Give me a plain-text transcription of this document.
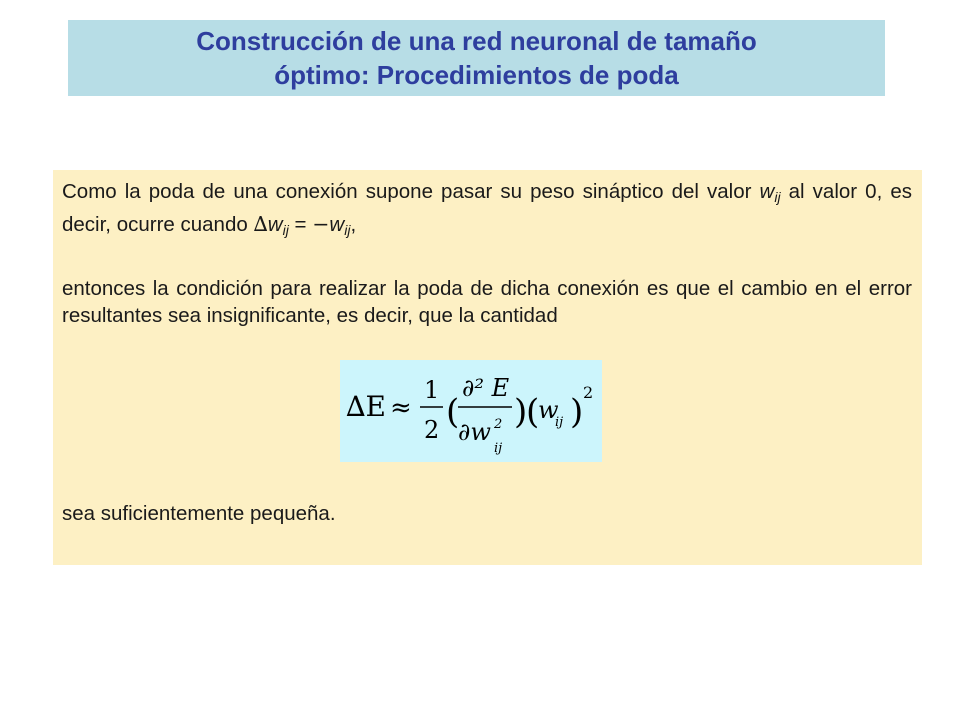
Construcción de una red neuronal de tamaño
óptimo: Procedimientos de poda
Como la poda de una conexión supone pasar su peso sináptico del valor $w_{ij}$ al valor 0, es decir, ocurre cuando $\Delta w_{ij} = -w_{ij}$,
entonces la condición para realizar la poda de dicha conexión es que el cambio en el error resultantes sea insignificante, es decir, que la cantidad
∆E ≈
1
2 (
∂² E
∂w 2
ij
)
(
w
ij ) 2
sea suficientemente pequeña.
